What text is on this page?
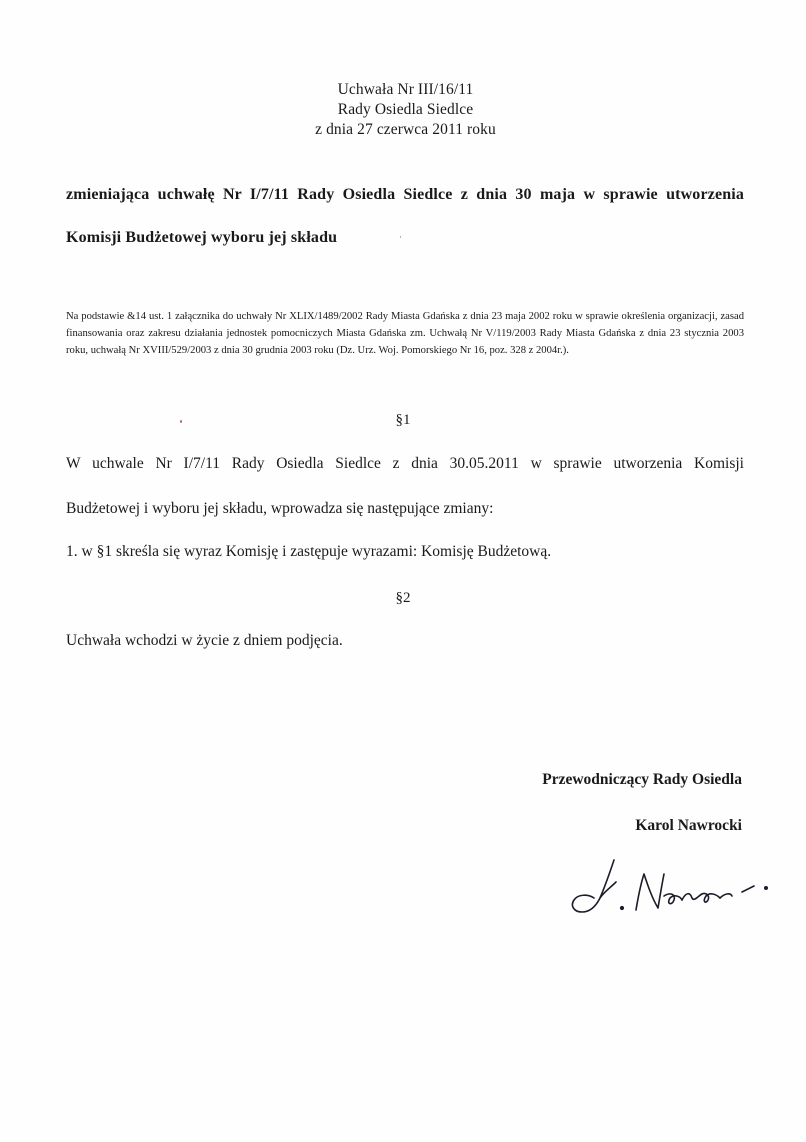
Uchwała Nr III/16/11
Rady Osiedla Siedlce
z dnia 27 czerwca 2011 roku
zmieniająca uchwałę Nr I/7/11 Rady Osiedla Siedlce z dnia 30 maja w sprawie utworzenia
Komisji Budżetowej wyboru jej składu
Na podstawie &14 ust. 1 załącznika do uchwały Nr XLIX/1489/2002 Rady Miasta Gdańska z dnia 23 maja 2002 roku w sprawie określenia organizacji, zasad finansowania oraz zakresu działania jednostek pomocniczych Miasta Gdańska zm. Uchwałą Nr V/119/2003 Rady Miasta Gdańska z dnia 23 stycznia 2003 roku, uchwałą Nr XVIII/529/2003 z dnia 30 grudnia 2003 roku (Dz. Urz. Woj. Pomorskiego Nr 16, poz. 328 z 2004r.).
§1
W uchwale Nr I/7/11 Rady Osiedla Siedlce z dnia 30.05.2011 w sprawie utworzenia Komisji
Budżetowej i wyboru jej składu, wprowadza się następujące zmiany:
1. w §1 skreśla się wyraz Komisję i zastępuje wyrazami: Komisję Budżetową.
§2
Uchwała wchodzi w życie z dniem podjęcia.
Przewodniczący Rady Osiedla
Karol Nawrocki
